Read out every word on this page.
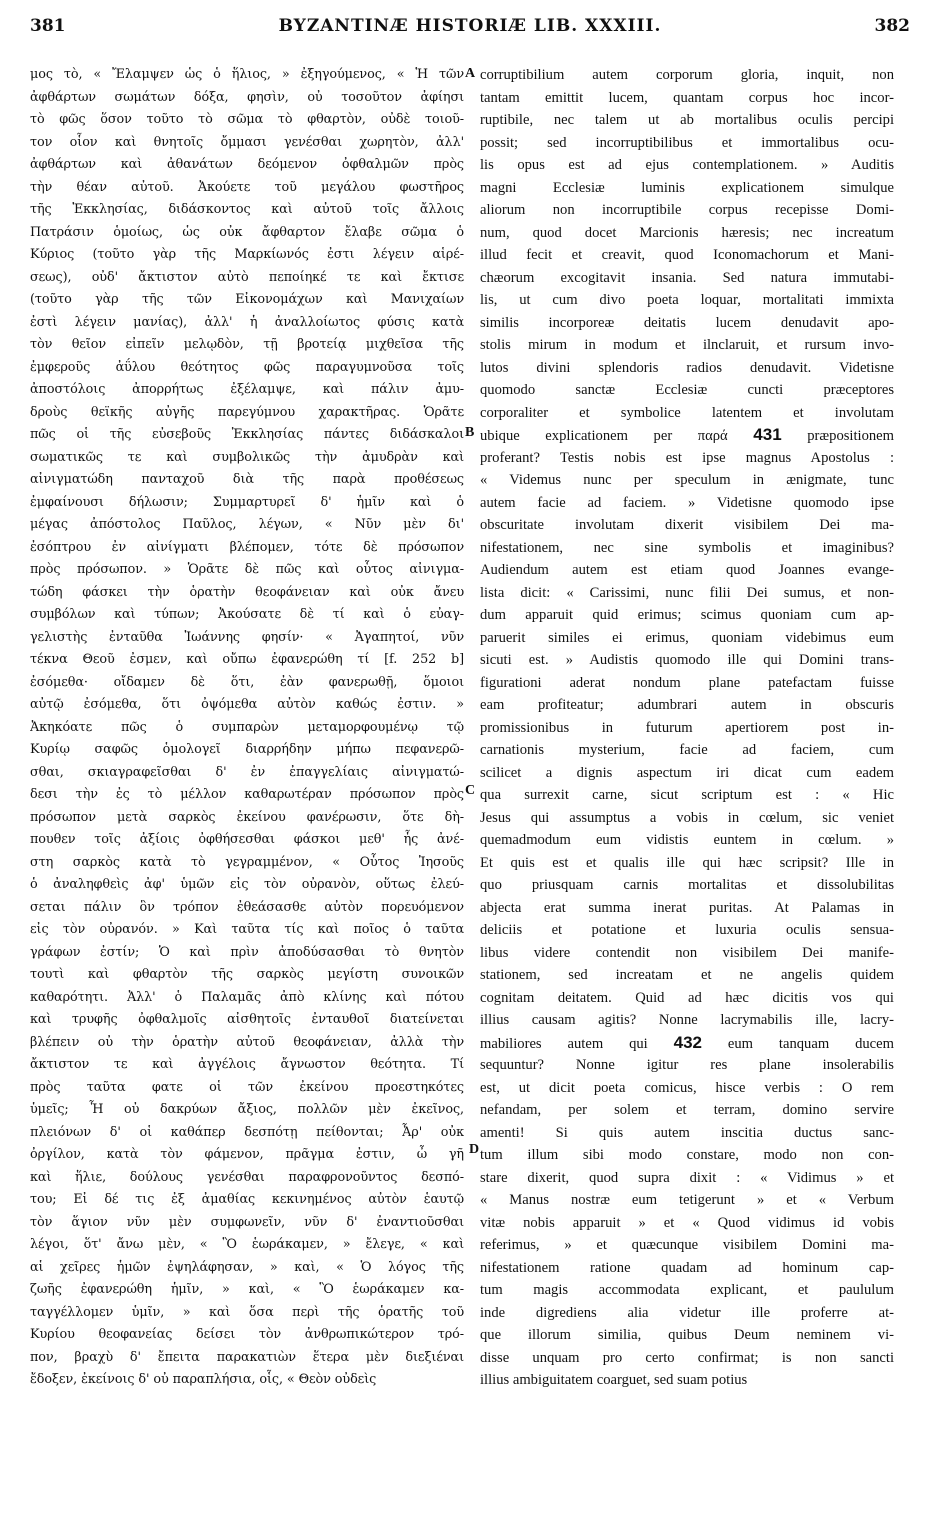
381	BYZANTINÆ HISTORIÆ LIB. XXXIII.	382
μος τὸ, « Ἔλαμψεν ὡς ὁ ἥλιος, » ἐξηγούμενος, « Ἡ τῶν
ἀφθάρτων σωμάτων δόξα, φησὶν, οὐ τοσοῦτον ἀφίησι
τὸ φῶς ὅσον τοῦτο τὸ σῶμα τὸ φθαρτὸν, οὐδὲ τοιοῦ-
τον οἷον καὶ θνητοῖς ὄμμασι γενέσθαι χωρητὸν, ἀλλ'
ἀφθάρτων καὶ ἀθανάτων δεόμενον ὀφθαλμῶν πρὸς
τὴν θέαν αὐτοῦ. Ἀκούετε τοῦ μεγάλου φωστῆρος
τῆς Ἐκκλησίας, διδάσκοντος καὶ αὐτοῦ τοῖς ἄλλοις
Πατράσιν ὁμοίως, ὡς οὐκ ἄφθαρτον ἔλαβε σῶμα ὁ
Κύριος (τοῦτο γὰρ τῆς Μαρκίωνός ἐστι λέγειν αἱρέ-
σεως), οὐδ' ἄκτιστον αὐτὸ πεποίηκέ τε καὶ ἔκτισε
(τοῦτο γὰρ τῆς τῶν Εἰκονομάχων καὶ Μανιχαίων
ἐστὶ λέγειν μανίας), ἀλλ' ἡ ἀναλλοίωτος φύσις κατὰ
τὸν θεῖον εἰπεῖν μελῳδὸν, τῇ βροτείᾳ μιχθεῖσα τῆς
ἐμφεροῦς ἀΰλου θεότητος φῶς παραγυμνοῦσα τοῖς
ἀποστόλοις ἀπορρήτως ἐξέλαμψε, καὶ πάλιν ἀμυ-
δροὺς θεϊκῆς αὐγῆς παρεγύμνου χαρακτῆρας. Ὁρᾶτε
πῶς οἱ τῆς εὐσεβοῦς Ἐκκλησίας πάντες διδάσκαλοι
σωματικῶς τε καὶ συμβολικῶς τὴν ἀμυδρὰν καὶ
αἰνιγματώδη πανταχοῦ διὰ τῆς παρὰ προθέσεως
ἐμφαίνουσι δήλωσιν; Συμμαρτυρεῖ δ' ἡμῖν καὶ ὁ
μέγας ἀπόστολος Παῦλος, λέγων, « Νῦν μὲν δι'
ἐσόπτρου ἐν αἰνίγματι βλέπομεν, τότε δὲ πρόσωπον
πρὸς πρόσωπον. » Ὁρᾶτε δὲ πῶς καὶ οὗτος αἰνιγμα-
τώδη φάσκει τὴν ὁρατὴν θεοφάνειαν καὶ οὐκ ἄνευ
συμβόλων καὶ τύπων; Ἀκούσατε δὲ τί καὶ ὁ εὐαγ-
γελιστὴς ἐνταῦθα Ἰωάννης φησίν· « Ἀγαπητοί, νῦν
τέκνα Θεοῦ ἐσμεν, καὶ οὔπω ἐφανερώθη τί [f. 252 b]
ἐσόμεθα· οἴδαμεν δὲ ὅτι, ἐὰν φανερωθῇ, ὅμοιοι
αὐτῷ ἐσόμεθα, ὅτι ὀψόμεθα αὐτὸν καθώς ἐστιν. »
Ἀκηκόατε πῶς ὁ συμπαρὼν μεταμορφουμένῳ τῷ
Κυρίῳ σαφῶς ὁμολογεῖ διαρρήδην μήπω πεφανερῶ-
σθαι, σκιαγραφεῖσθαι δ' ἐν ἐπαγγελίαις αἰνιγματώ-
δεσι τὴν ἐς τὸ μέλλον καθαρωτέραν πρόσωπον πρὸς
πρόσωπον μετὰ σαρκὸς ἐκείνου φανέρωσιν, ὅτε δὴ-
πουθεν τοῖς ἀξίοις ὀφθήσεσθαι φάσκοι μεθ' ἧς ἀνέ-
στη σαρκὸς κατὰ τὸ γεγραμμένον, « Οὗτος Ἰησοῦς
ὁ ἀναληφθεὶς ἀφ' ὑμῶν εἰς τὸν οὐρανὸν, οὕτως ἐλεύ-
σεται πάλιν ὃν τρόπον ἐθεάσασθε αὐτὸν πορευόμενον
εἰς τὸν οὐρανόν. » Καὶ ταῦτα τίς καὶ ποῖος ὁ ταῦτα
γράφων ἐστίν; Ὁ καὶ πρὶν ἀποδύσασθαι τὸ θνητὸν
τουτὶ καὶ φθαρτὸν τῆς σαρκὸς μεγίστη συνοικῶν
καθαρότητι. Ἀλλ' ὁ Παλαμᾶς ἀπὸ κλίνης καὶ πότου
καὶ τρυφῆς ὀφθαλμοῖς αἰσθητοῖς ἐνταυθοῖ διατείνεται
βλέπειν οὐ τὴν ὁρατὴν αὐτοῦ θεοφάνειαν, ἀλλὰ τὴν
ἄκτιστον τε καὶ ἀγγέλοις ἄγνωστον θεότητα. Τί
πρὸς ταῦτα φατε οἱ τῶν ἐκείνου προεστηκότες
ὑμεῖς; Ἦ οὐ δακρύων ἄξιος, πολλῶν μὲν ἐκεῖνος,
πλειόνων δ' οἱ καθάπερ δεσπότῃ πείθονται; Ἆρ' οὐκ
ὀργίλον, κατὰ τὸν φάμενον, πρᾶγμα ἐστιν, ὦ γῆ
καὶ ἥλιε, δούλους γενέσθαι παραφρονοῦντος δεσπό-
του; Εἰ δέ τις ἐξ ἀμαθίας κεκινημένος αὐτὸν ἑαυτῷ
τὸν ἅγιον νῦν μὲν συμφωνεῖν, νῦν δ' ἐναντιοῦσθαι
λέγοι, ὅτ' ἄνω μὲν, « Ὃ ἑωράκαμεν, » ἔλεγε, « καὶ
αἱ χεῖρες ἡμῶν ἐψηλάφησαν, » καὶ, « Ὁ λόγος τῆς
ζωῆς ἐφανερώθη ἡμῖν, » καὶ, « Ὃ ἑωράκαμεν κα-
ταγγέλλομεν ὑμῖν, » καὶ ὅσα περὶ τῆς ὁρατῆς τοῦ
Κυρίου θεοφανείας δείσει τὸν ἀνθρωπικώτερον τρό-
πον, βραχὺ δ' ἔπειτα παρακατιὼν ἕτερα μὲν διεξιέναι
ἔδοξεν, ἐκείνοις δ' οὐ παραπλήσια, οἷς, « Θεὸν οὐδεὶς
corruptibilium autem corporum gloria, inquit, non
tantam emittit lucem, quantam corpus hoc incor-
ruptibile, nec talem ut ab mortalibus oculis percipi
possit; sed incorruptibilibus et immortalibus ocu-
lis opus est ad ejus contemplationem. » Auditis
magni Ecclesiæ luminis explicationem simulque
aliorum non incorruptibile corpus recepisse Domi-
num, quod docet Marcionis hæresis; nec increatum
illud fecit et creavit, quod Iconomachorum et Mani-
chæorum excogitavit insania. Sed natura immutabi-
lis, ut cum divo poeta loquar, mortalitati immixta
similis incorporeæ deitatis lucem denudavit apo-
stolis mirum in modum et ilnclaruit, et rursum invo-
lutos divini splendoris radios denudavit. Videtisne
quomodo sanctæ Ecclesiæ cuncti præceptores
corporaliter et symbolice latentem et involutam
ubique explicationem per παρά 431 præpositionem
proferant? Testis nobis est ipse magnus Apostolus :
« Videmus nunc per speculum in ænigmate, tunc
autem facie ad faciem. » Videtisne quomodo ipse
obscuritate involutam dixerit visibilem Dei ma-
nifestationem, nec sine symbolis et imaginibus?
Audiendum autem est etiam quod Joannes evange-
lista dicit: « Carissimi, nunc filii Dei sumus, et non-
dum apparuit quid erimus; scimus quoniam cum ap-
paruerit similes ei erimus, quoniam videbimus eum
sicuti est. » Audistis quomodo ille qui Domini trans-
figurationi aderat nondum plane patefactam fuisse
eam profiteatur; adumbrari autem in obscuris
promissionibus in futurum apertiorem post in-
carnationis mysterium, facie ad faciem, cum
scilicet a dignis aspectum iri dicat cum eadem
qua surrexit carne, sicut scriptum est : « Hic
Jesus qui assumptus a vobis in cœlum, sic veniet
quemadmodum eum vidistis euntem in cœlum. »
Et quis est et qualis ille qui hæc scripsit? Ille in
quo priusquam carnis mortalitas et dissolubilitas
abjecta erat summa inerat puritas. At Palamas in
deliciis et potatione et luxuria oculis sensua-
libus videre contendit non visibilem Dei manife-
stationem, sed increatam et ne angelis quidem
cognitam deitatem. Quid ad hæc dicitis vos qui
illius causam agitis? Nonne lacrymabilis ille, lacry-
mabiliores autem qui 432 eum tanquam ducem
sequuntur? Nonne igitur res plane insolerabilis
est, ut dicit poeta comicus, hisce verbis : O rem
nefandam, per solem et terram, domino servire
amenti! Si quis autem inscitia ductus sanc-
tum illum sibi modo constare, modo non con-
stare dixerit, quod supra dixit : « Vidimus » et
« Manus nostræ eum tetigerunt » et « Verbum
vitæ nobis apparuit » et « Quod vidimus id vobis
referimus, » et quæcunque visibilem Domini ma-
nifestationem ratione quadam ad hominum cap-
tum magis accommodata explicant, et paululum
inde digrediens alia videtur ille proferre at-
que illorum similia, quibus Deum neminem vi-
disse unquam pro certo confirmat; is non sancti
illius ambiguitatem coarguet, sed suam potius
A
B
C
D
